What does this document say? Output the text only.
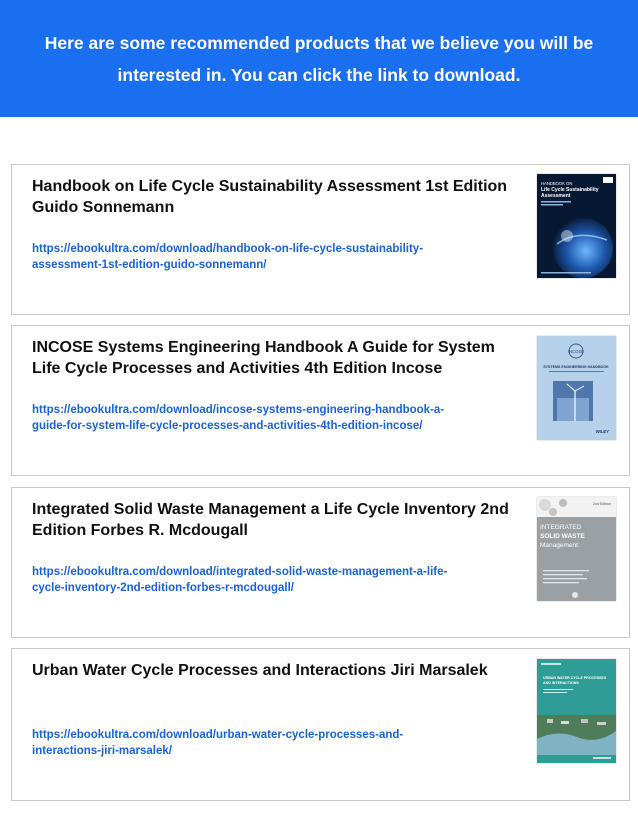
Here are some recommended products that we believe you will be interested in. You can click the link to download.
Handbook on Life Cycle Sustainability Assessment 1st Edition Guido Sonnemann
https://ebookultra.com/download/handbook-on-life-cycle-sustainability-assessment-1st-edition-guido-sonnemann/
HANDBOOK ON
Life Cycle Sustainability
Assessment
INCOSE Systems Engineering Handbook A Guide for System Life Cycle Processes and Activities 4th Edition Incose
https://ebookultra.com/download/incose-systems-engineering-handbook-a-guide-for-system-life-cycle-processes-and-activities-4th-edition-incose/
INCOSE
SYSTEMS ENGINEERING HANDBOOK
WILEY
Integrated Solid Waste Management a Life Cycle Inventory 2nd Edition Forbes R. Mcdougall
https://ebookultra.com/download/integrated-solid-waste-management-a-life-cycle-inventory-2nd-edition-forbes-r-mcdougall/
2nd Edition
INTEGRATED
SOLID WASTE
Management:
Urban Water Cycle Processes and Interactions Jiri Marsalek
https://ebookultra.com/download/urban-water-cycle-processes-and-interactions-jiri-marsalek/
URBAN WATER CYCLE PROCESSES
AND INTERACTIONS
